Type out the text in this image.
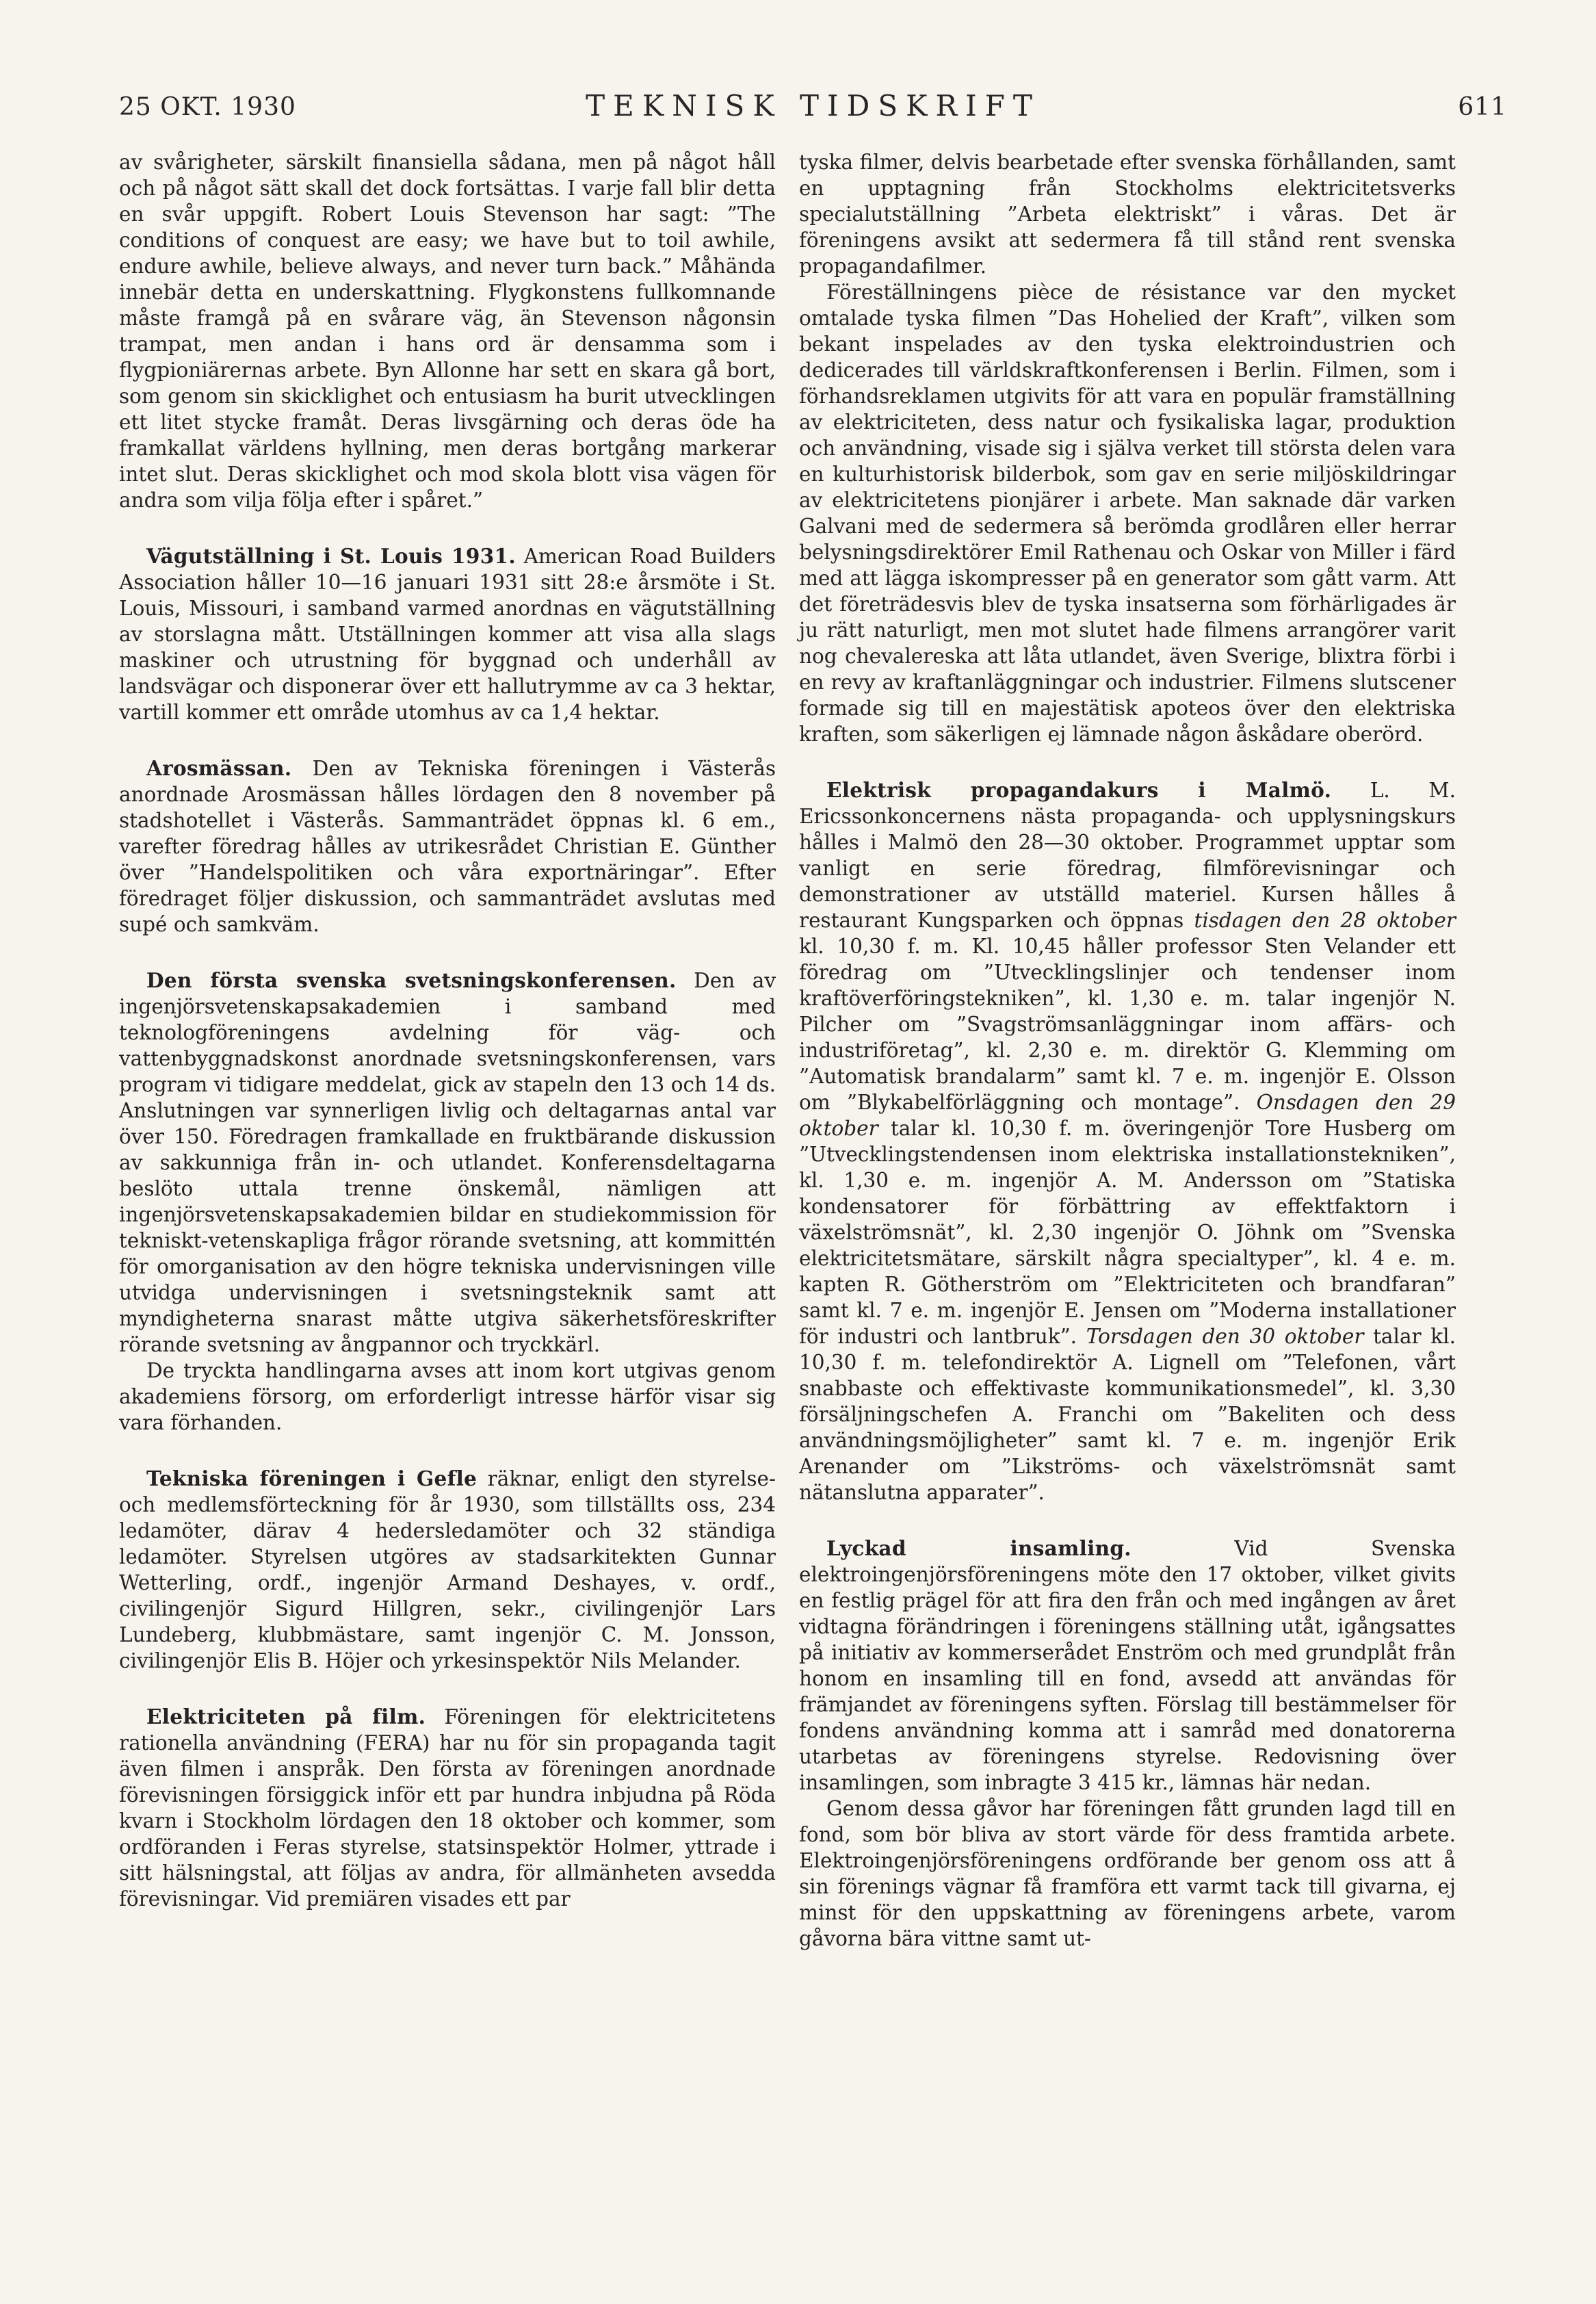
25 OKT. 1930	TEKNISK TIDSKRIFT	611

av svårigheter, särskilt finansiella sådana, men på något håll och på något sätt skall det dock fortsättas. I varje fall blir detta en svår uppgift. Robert Louis Stevenson har sagt: ”The conditions of conquest are easy; we have but to toil awhile, endure awhile, believe always, and never turn back.” Måhända innebär detta en underskattning. Flygkonstens fullkomnande måste framgå på en svårare väg, än Stevenson någonsin trampat, men andan i hans ord är densamma som i flygpioniärernas arbete. Byn Allonne har sett en skara gå bort, som genom sin skicklighet och entusiasm ha burit utvecklingen ett litet stycke framåt. Deras livsgärning och deras öde ha framkallat världens hyllning, men deras bortgång markerar intet slut. Deras skicklighet och mod skola blott visa vägen för andra som vilja följa efter i spåret.”

Vägutställning i St. Louis 1931. American Road Builders Association håller 10—16 januari 1931 sitt 28:e årsmöte i St. Louis, Missouri, i samband varmed anordnas en vägutställning av storslagna mått. Utställningen kommer att visa alla slags maskiner och utrustning för byggnad och underhåll av landsvägar och disponerar över ett hallutrymme av ca 3 hektar, vartill kommer ett område utomhus av ca 1,4 hektar.

Arosmässan. Den av Tekniska föreningen i Västerås anordnade Arosmässan hålles lördagen den 8 november på stadshotellet i Västerås. Sammanträdet öppnas kl. 6 em., varefter föredrag hålles av utrikesrådet Christian E. Günther över ”Handelspolitiken och våra exportnäringar”. Efter föredraget följer diskussion, och sammanträdet avslutas med supé och samkväm.

Den första svenska svetsningskonferensen. Den av ingenjörsvetenskapsakademien i samband med teknologföreningens avdelning för väg- och vattenbyggnadskonst anordnade svetsningskonferensen, vars program vi tidigare meddelat, gick av stapeln den 13 och 14 ds. Anslutningen var synnerligen livlig och deltagarnas antal var över 150. Föredragen framkallade en fruktbärande diskussion av sakkunniga från in- och utlandet. Konferensdeltagarna beslöto uttala trenne önskemål, nämligen att ingenjörsvetenskapsakademien bildar en studiekommission för tekniskt-vetenskapliga frågor rörande svetsning, att kommittén för omorganisation av den högre tekniska undervisningen ville utvidga undervisningen i svetsningsteknik samt att myndigheterna snarast måtte utgiva säkerhetsföreskrifter rörande svetsning av ångpannor och tryckkärl.

De tryckta handlingarna avses att inom kort utgivas genom akademiens försorg, om erforderligt intresse härför visar sig vara förhanden.

Tekniska föreningen i Gefle räknar, enligt den styrelse- och medlemsförteckning för år 1930, som tillställts oss, 234 ledamöter, därav 4 hedersledamöter och 32 ständiga ledamöter. Styrelsen utgöres av stadsarkitekten Gunnar Wetterling, ordf., ingenjör Armand Deshayes, v. ordf., civilingenjör Sigurd Hillgren, sekr., civilingenjör Lars Lundeberg, klubbmästare, samt ingenjör C. M. Jonsson, civilingenjör Elis B. Höjer och yrkesinspektör Nils Melander.

Elektriciteten på film. Föreningen för elektricitetens rationella användning (FERA) har nu för sin propaganda tagit även filmen i anspråk. Den första av föreningen anordnade förevisningen försiggick inför ett par hundra inbjudna på Röda kvarn i Stockholm lördagen den 18 oktober och kommer, som ordföranden i Feras styrelse, statsinspektör Holmer, yttrade i sitt hälsningstal, att följas av andra, för allmänheten avsedda förevisningar. Vid premiären visades ett par

tyska filmer, delvis bearbetade efter svenska förhållanden, samt en upptagning från Stockholms elektricitetsverks specialutställning ”Arbeta elektriskt” i våras. Det är föreningens avsikt att sedermera få till stånd rent svenska propagandafilmer.

Föreställningens pièce de résistance var den mycket omtalade tyska filmen ”Das Hohelied der Kraft”, vilken som bekant inspelades av den tyska elektroindustrien och dedicerades till världskraftkonferensen i Berlin. Filmen, som i förhandsreklamen utgivits för att vara en populär framställning av elektriciteten, dess natur och fysikaliska lagar, produktion och användning, visade sig i själva verket till största delen vara en kulturhistorisk bilderbok, som gav en serie miljöskildringar av elektricitetens pionjärer i arbete. Man saknade där varken Galvani med de sedermera så berömda grodlåren eller herrar belysningsdirektörer Emil Rathenau och Oskar von Miller i färd med att lägga iskompresser på en generator som gått varm. Att det företrädesvis blev de tyska insatserna som förhärligades är ju rätt naturligt, men mot slutet hade filmens arrangörer varit nog chevalereska att låta utlandet, även Sverige, blixtra förbi i en revy av kraftanläggningar och industrier. Filmens slutscener formade sig till en majestätisk apoteos över den elektriska kraften, som säkerligen ej lämnade någon åskådare oberörd.

Elektrisk propagandakurs i Malmö. L. M. Ericssonkoncernens nästa propaganda- och upplysningskurs hålles i Malmö den 28—30 oktober. Programmet upptar som vanligt en serie föredrag, filmförevisningar och demonstrationer av utställd materiel. Kursen hålles å restaurant Kungsparken och öppnas tisdagen den 28 oktober kl. 10,30 f. m. Kl. 10,45 håller professor Sten Velander ett föredrag om ”Utvecklingslinjer och tendenser inom kraftöverföringstekniken”, kl. 1,30 e. m. talar ingenjör N. Pilcher om ”Svagströmsanläggningar inom affärs- och industriföretag”, kl. 2,30 e. m. direktör G. Klemming om ”Automatisk brandalarm” samt kl. 7 e. m. ingenjör E. Olsson om ”Blykabelförläggning och montage”. Onsdagen den 29 oktober talar kl. 10,30 f. m. överingenjör Tore Husberg om ”Utvecklingstendensen inom elektriska installationstekniken”, kl. 1,30 e. m. ingenjör A. M. Andersson om ”Statiska kondensatorer för förbättring av effektfaktorn i växelströmsnät”, kl. 2,30 ingenjör O. Jöhnk om ”Svenska elektricitetsmätare, särskilt några specialtyper”, kl. 4 e. m. kapten R. Götherström om ”Elektriciteten och brandfaran” samt kl. 7 e. m. ingenjör E. Jensen om ”Moderna installationer för industri och lantbruk”. Torsdagen den 30 oktober talar kl. 10,30 f. m. telefondirektör A. Lignell om ”Telefonen, vårt snabbaste och effektivaste kommunikationsmedel”, kl. 3,30 försäljningschefen A. Franchi om ”Bakeliten och dess användningsmöjligheter” samt kl. 7 e. m. ingenjör Erik Arenander om ”Likströms- och växelströmsnät samt nätanslutna apparater”.

Lyckad insamling.	Vid Svenska elektroingenjörsföreningens möte den 17 oktober, vilket givits en festlig prägel för att fira den från och med ingången av året vidtagna förändringen i föreningens ställning utåt, igångsattes på initiativ av kommerserådet Enström och med grundplåt från honom en insamling till en fond, avsedd att användas för främjandet av föreningens syften. Förslag till bestämmelser för fondens användning komma att i samråd med donatorerna utarbetas av föreningens styrelse. Redovisning över insamlingen, som inbragte 3 415 kr., lämnas här nedan.

Genom dessa gåvor har föreningen fått grunden lagd till en fond, som bör bliva av stort värde för dess framtida arbete. Elektroingenjörsföreningens ordförande ber genom oss att å sin förenings vägnar få framföra ett varmt tack till givarna, ej minst för den uppskattning av föreningens arbete, varom gåvorna bära vittne samt ut-
